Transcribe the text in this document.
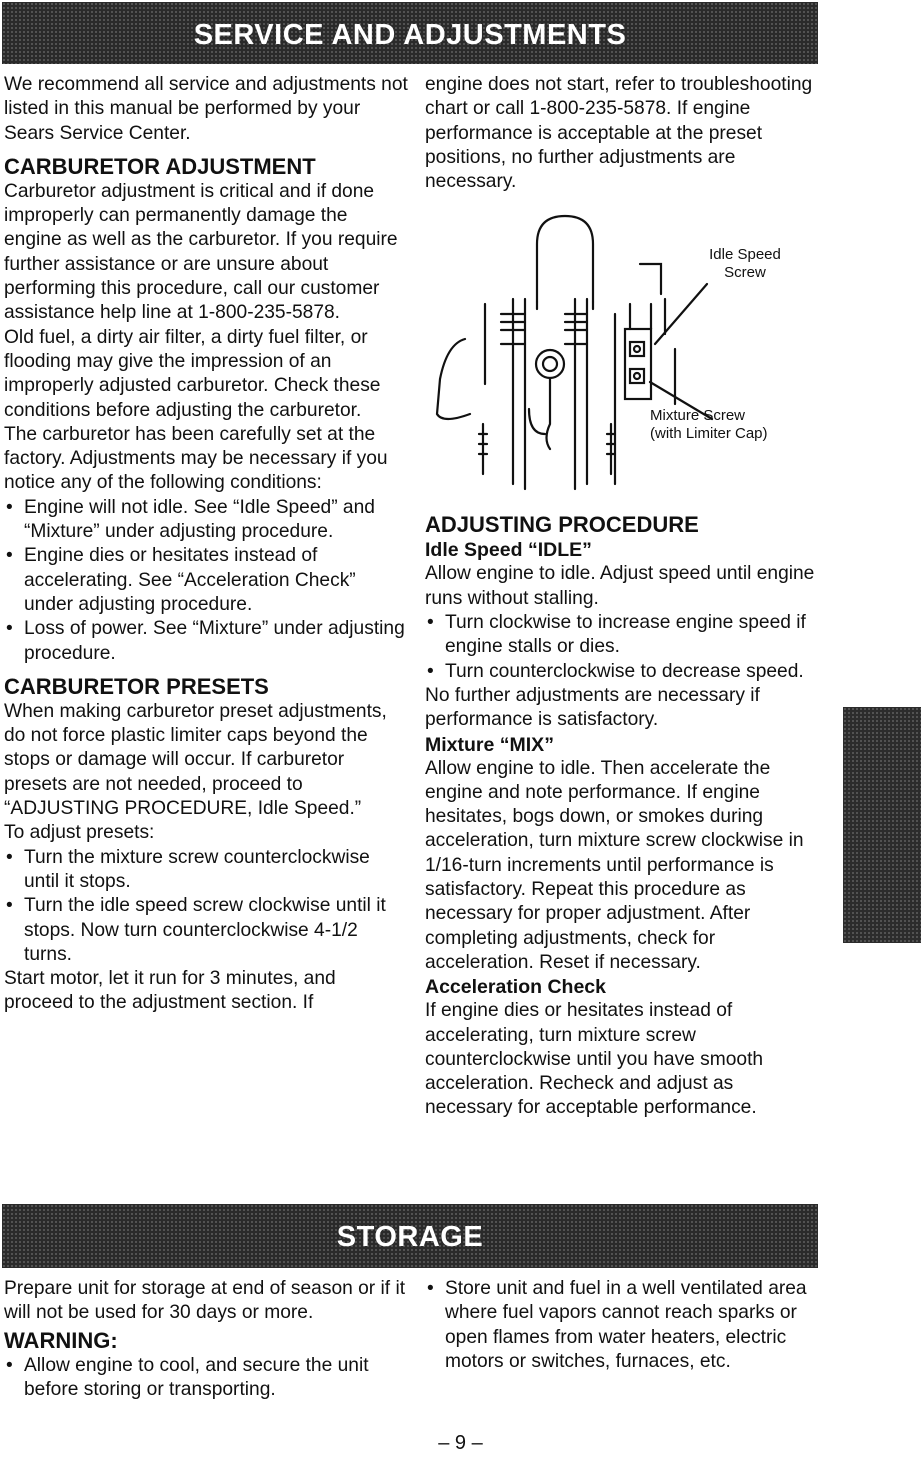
SERVICE AND ADJUSTMENTS

We recommend all service and adjustments not listed in this manual be performed by your Sears Service Center.

CARBURETOR ADJUSTMENT

Carburetor adjustment is critical and if done improperly can permanently damage the engine as well as the carburetor. If you require further assistance or are unsure about performing this procedure, call our customer assistance help line at 1-800-235-5878.

Old fuel, a dirty air filter, a dirty fuel filter, or flooding may give the impression of an improperly adjusted carburetor. Check these conditions before adjusting the carburetor.

The carburetor has been carefully set at the factory. Adjustments may be necessary if you notice any of the following conditions:

• Engine will not idle. See “Idle Speed” and “Mixture” under adjusting procedure.

• Engine dies or hesitates instead of accelerating. See “Acceleration Check” under adjusting procedure.

• Loss of power. See “Mixture” under adjusting procedure.

CARBURETOR PRESETS

When making carburetor preset adjustments, do not force plastic limiter caps beyond the stops or damage will occur. If carburetor presets are not needed, proceed to “ADJUSTING PROCEDURE, Idle Speed.”

To adjust presets:

• Turn the mixture screw counterclockwise until it stops.

• Turn the idle speed screw clockwise until it stops. Now turn counterclockwise 4-1/2 turns.

Start motor, let it run for 3 minutes, and proceed to the adjustment section. If

engine does not start, refer to troubleshooting chart or call 1-800-235-5878. If engine performance is acceptable at the preset positions, no further adjustments are necessary.

Idle Speed Screw
Mixture Screw
(with Limiter Cap)

ADJUSTING PROCEDURE

Idle Speed “IDLE”

Allow engine to idle. Adjust speed until engine runs without stalling.

• Turn clockwise to increase engine speed if engine stalls or dies.

• Turn counterclockwise to decrease speed.

No further adjustments are necessary if performance is satisfactory.

Mixture “MIX”

Allow engine to idle. Then accelerate the engine and note performance. If engine hesitates, bogs down, or smokes during acceleration, turn mixture screw clockwise in 1/16-turn increments until performance is satisfactory. Repeat this procedure as necessary for proper adjustment. After completing adjustments, check for acceleration. Reset if necessary.

Acceleration Check

If engine dies or hesitates instead of accelerating, turn mixture screw counterclockwise until you have smooth acceleration. Recheck and adjust as necessary for acceptable performance.

STORAGE

Prepare unit for storage at end of season or if it will not be used for 30 days or more.

WARNING:

• Allow engine to cool, and secure the unit before storing or transporting.

• Store unit and fuel in a well ventilated area where fuel vapors cannot reach sparks or open flames from water heaters, electric motors or switches, furnaces, etc.

– 9 –
